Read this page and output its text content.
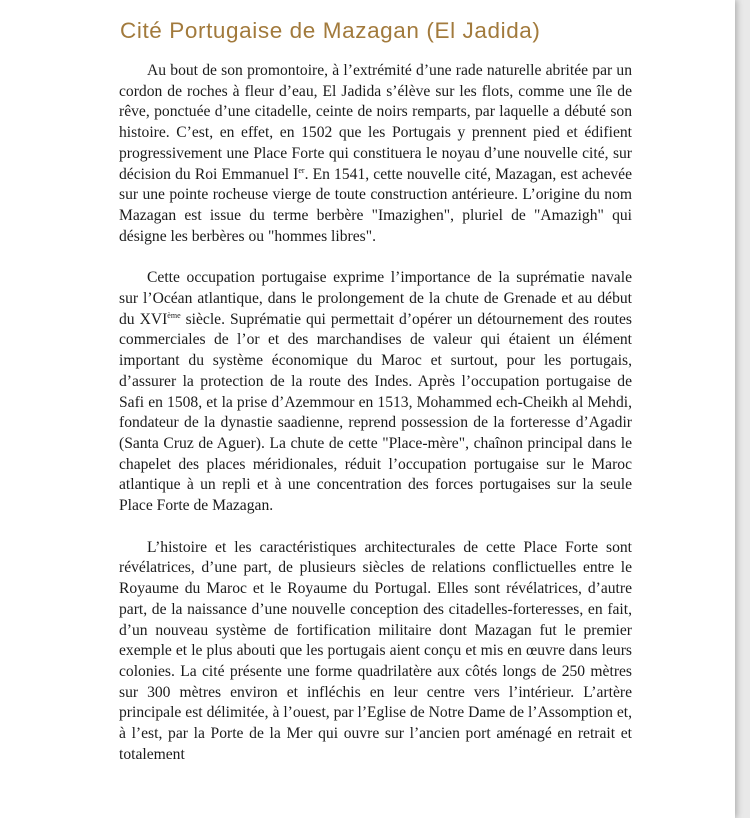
Cité Portugaise de Mazagan (El Jadida)

Au bout de son promontoire, à l’extrémité d’une rade naturelle abritée par un cordon de roches à fleur d’eau, El Jadida s’élève sur les flots, comme une île de rêve, ponctuée d’une citadelle, ceinte de noirs remparts, par laquelle a débuté son histoire. C’est, en effet, en 1502 que les Portugais y prennent pied et édifient progressivement une Place Forte qui constituera le noyau d’une nouvelle cité, sur décision du Roi Emmanuel Ier. En 1541, cette nouvelle cité, Mazagan, est achevée sur une pointe rocheuse vierge de toute construction antérieure. L’origine du nom Mazagan est issue du terme berbère "Imazighen", pluriel de "Amazigh" qui désigne les berbères ou "hommes libres".

Cette occupation portugaise exprime l’importance de la suprématie navale sur l’Océan atlantique, dans le prolongement de la chute de Grenade et au début du XVIème siècle. Suprématie qui permettait d’opérer un détournement des routes commerciales de l’or et des marchandises de valeur qui étaient un élément important du système économique du Maroc et surtout, pour les portugais, d’assurer la protection de la route des Indes. Après l’occupation portugaise de Safi en 1508, et la prise d’Azemmour en 1513, Mohammed ech-Cheikh al Mehdi, fondateur de la dynastie saadienne, reprend possession de la forteresse d’Agadir (Santa Cruz de Aguer). La chute de cette "Place-mère", chaînon principal dans le chapelet des places méridionales, réduit l’occupation portugaise sur le Maroc atlantique à un repli et à une concentration des forces portugaises sur la seule Place Forte de Mazagan.

L’histoire et les caractéristiques architecturales de cette Place Forte sont révélatrices, d’une part, de plusieurs siècles de relations conflictuelles entre le Royaume du Maroc et le Royaume du Portugal. Elles sont révélatrices, d’autre part, de la naissance d’une nouvelle conception des citadelles-forteresses, en fait, d’un nouveau système de fortification militaire dont Mazagan fut le premier exemple et le plus abouti que les portugais aient conçu et mis en œuvre dans leurs colonies. La cité présente une forme quadrilatère aux côtés longs de 250 mètres sur 300 mètres environ et infléchis en leur centre vers l’intérieur. L’artère principale est délimitée, à l’ouest, par l’Eglise de Notre Dame de l’Assomption et, à l’est, par la Porte de la Mer qui ouvre sur l’ancien port aménagé en retrait et totalement
